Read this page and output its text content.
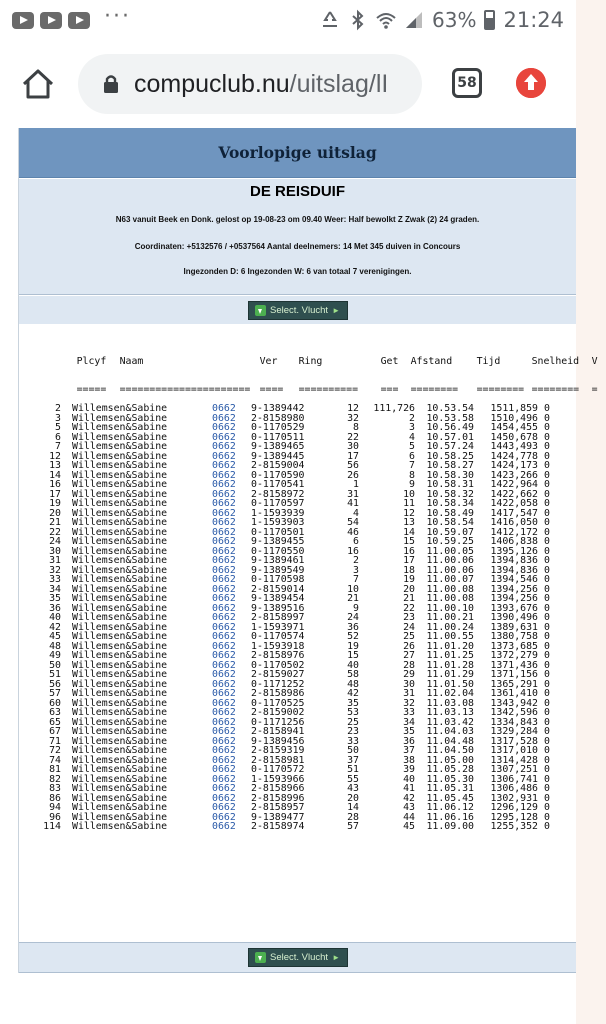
···	63% 21:24
compuclub.nu/uitslag/lI	58
Voorlopige uitslag
DE REISDUIF
N63 vanuit Beek en Donk. gelost op 19-08-23 om 09.40 Weer: Half bewolkt Z Zwak (2) 24 graden.
Coordinaten: +5132576 / +0537564 Aantal deelnemers: 14 Met 345 duiven in Concours
Ingezonden D: 6 Ingezonden W: 6 van totaal 7 verenigingen.
Select. Vlucht ►

Plcyf Naam	Ver Ring	Get Afstand Tijd	Snelheid V

===== ====================== ==== ========== === ======== ======== ======== =

2 Willemsen&Sabine	0662 9-1389442	12 111,726 10.53.54 1511,859 0
3 Willemsen&Sabine	0662 2-8158980	32	2 10.53.58 1510,496 0
5 Willemsen&Sabine	0662 0-1170529	8	3 10.56.49 1454,455 0
6 Willemsen&Sabine	0662 0-1170511	22	4 10.57.01 1450,678 0
7 Willemsen&Sabine	0662 9-1389465	30	5 10.57.24 1443,493 0
12 Willemsen&Sabine	0662 9-1389445	17	6 10.58.25 1424,778 0
13 Willemsen&Sabine	0662 2-8159004	56	7 10.58.27 1424,173 0
14 Willemsen&Sabine	0662 0-1170590	26	8 10.58.30 1423,266 0
16 Willemsen&Sabine	0662 0-1170541	1	9 10.58.31 1422,964 0
17 Willemsen&Sabine	0662 2-8158972	31	10 10.58.32 1422,662 0
19 Willemsen&Sabine	0662 0-1170597	41	11 10.58.34 1422,058 0
20 Willemsen&Sabine	0662 1-1593939	4	12 10.58.49 1417,547 0
21 Willemsen&Sabine	0662 1-1593903	54	13 10.58.54 1416,050 0
22 Willemsen&Sabine	0662 0-1170501	46	14 10.59.07 1412,172 0
24 Willemsen&Sabine	0662 9-1389455	6	15 10.59.25 1406,838 0
30 Willemsen&Sabine	0662 0-1170550	16	16 11.00.05 1395,126 0
31 Willemsen&Sabine	0662 9-1389461	2	17 11.00.06 1394,836 0
32 Willemsen&Sabine	0662 9-1389549	3	18 11.00.06 1394,836 0
33 Willemsen&Sabine	0662 0-1170598	7	19 11.00.07 1394,546 0
34 Willemsen&Sabine	0662 2-8159014	10	20 11.00.08 1394,256 0
35 Willemsen&Sabine	0662 9-1389454	21	21 11.00.08 1394,256 0
36 Willemsen&Sabine	0662 9-1389516	9	22 11.00.10 1393,676 0
40 Willemsen&Sabine	0662 2-8158997	24	23 11.00.21 1390,496 0
42 Willemsen&Sabine	0662 1-1593971	36	24 11.00.24 1389,631 0
45 Willemsen&Sabine	0662 0-1170574	52	25 11.00.55 1380,758 0
48 Willemsen&Sabine	0662 1-1593918	19	26 11.01.20 1373,685 0
49 Willemsen&Sabine	0662 2-8158976	15	27 11.01.25 1372,279 0
50 Willemsen&Sabine	0662 0-1170502	40	28 11.01.28 1371,436 0
51 Willemsen&Sabine	0662 2-8159027	58	29 11.01.29 1371,156 0
56 Willemsen&Sabine	0662 0-1171252	48	30 11.01.50 1365,291 0
57 Willemsen&Sabine	0662 2-8158986	42	31 11.02.04 1361,410 0
60 Willemsen&Sabine	0662 0-1170525	35	32 11.03.08 1343,942 0
63 Willemsen&Sabine	0662 2-8159002	53	33 11.03.13 1342,596 0
65 Willemsen&Sabine	0662 0-1171256	25	34 11.03.42 1334,843 0
67 Willemsen&Sabine	0662 2-8158941	23	35 11.04.03 1329,284 0
71 Willemsen&Sabine	0662 9-1389456	33	36 11.04.48 1317,528 0
72 Willemsen&Sabine	0662 2-8159319	50	37 11.04.50 1317,010 0
74 Willemsen&Sabine	0662 2-8158981	37	38 11.05.00 1314,428 0
81 Willemsen&Sabine	0662 0-1170572	51	39 11.05.28 1307,251 0
82 Willemsen&Sabine	0662 1-1593966	55	40 11.05.30 1306,741 0
83 Willemsen&Sabine	0662 2-8158966	43	41 11.05.31 1306,486 0
86 Willemsen&Sabine	0662 2-8158996	20	42 11.05.45 1302,931 0
94 Willemsen&Sabine	0662 2-8158957	14	43 11.06.12 1296,129 0
96 Willemsen&Sabine	0662 9-1389477	28	44 11.06.16 1295,128 0
114 Willemsen&Sabine	0662 2-8158974	57	45 11.09.00 1255,352 0
Select. Vlucht ►
